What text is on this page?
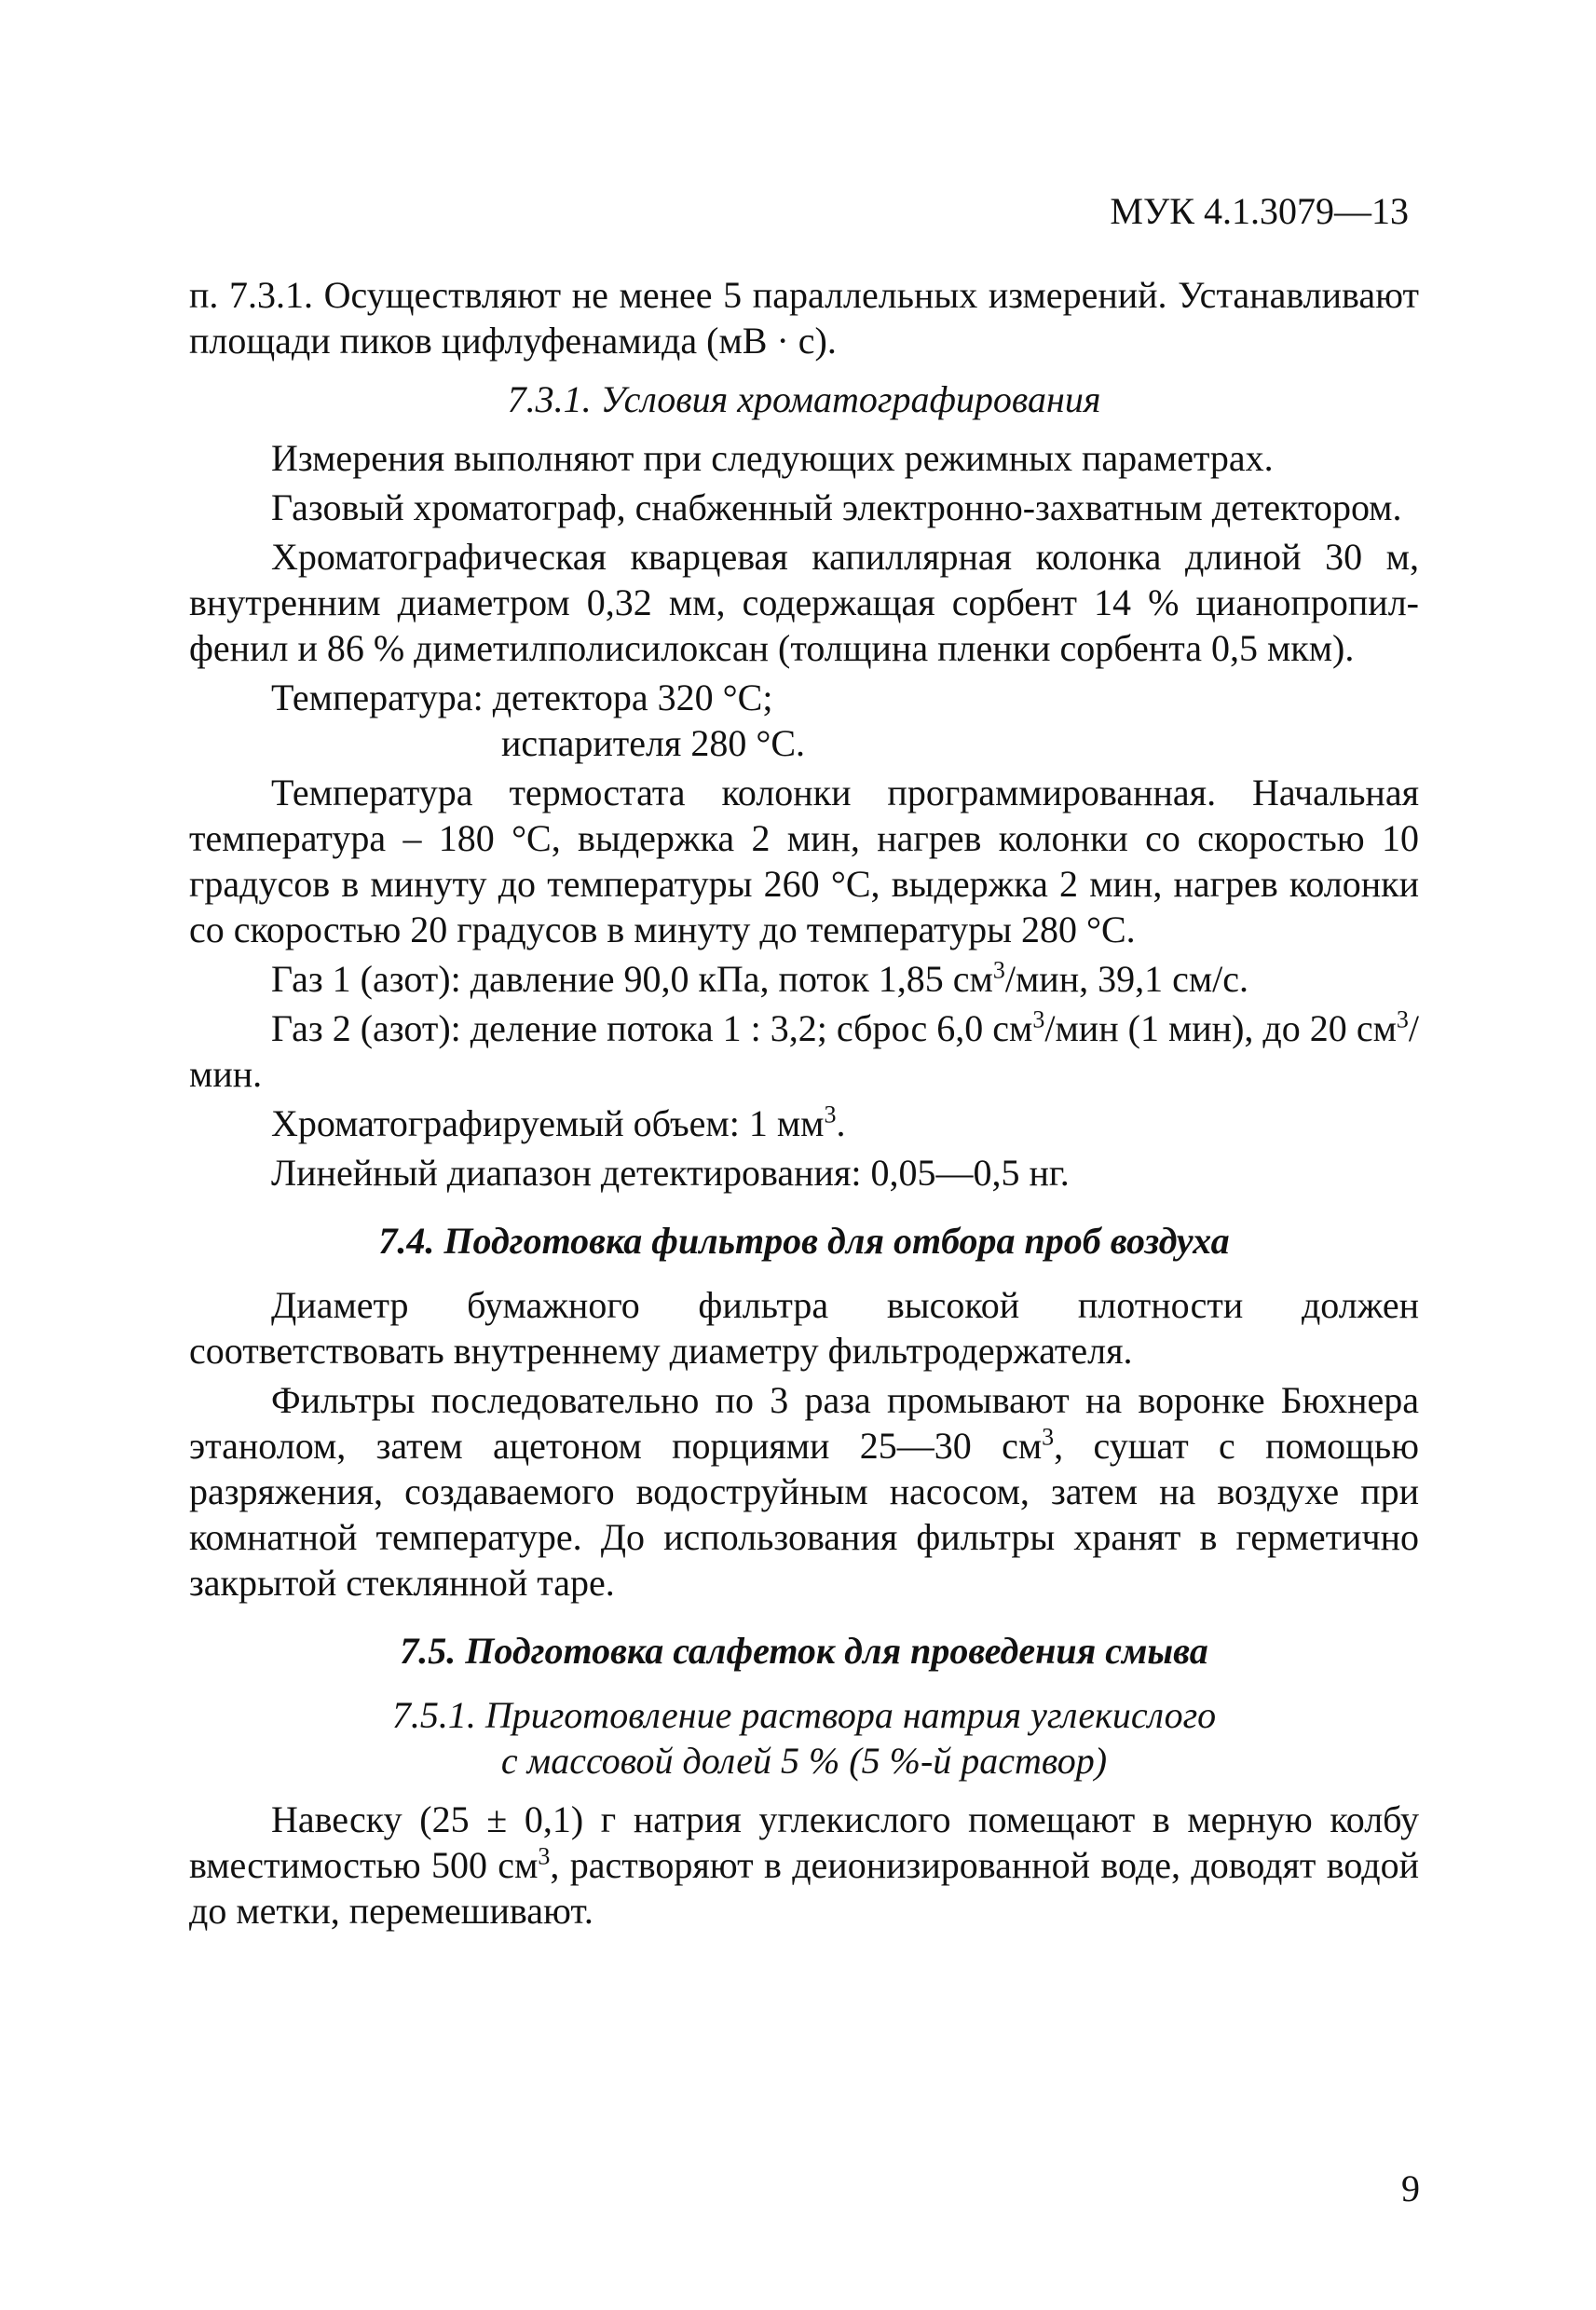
МУК 4.1.3079—13

п. 7.3.1. Осуществляют не менее 5 параллельных измерений. Устанавливают площади пиков цифлуфенамида (мВ · с).

7.3.1. Условия хроматографирования

Измерения выполняют при следующих режимных параметрах.

Газовый хроматограф, снабженный электронно-захватным детектором.

Хроматографическая кварцевая капиллярная колонка длиной 30 м, внутренним диаметром 0,32 мм, содержащая сорбент 14 % цианопропил-фенил и 86 % диметилполисилоксан (толщина пленки сорбента 0,5 мкм).

Температура:
детектора 320 °С;
испарителя 280 °С.

Температура термостата колонки программированная. Начальная температура – 180 °С, выдержка 2 мин, нагрев колонки со скоростью 10 градусов в минуту до температуры 260 °С, выдержка 2 мин, нагрев колонки со скоростью 20 градусов в минуту до температуры 280 °С.

Газ 1 (азот): давление 90,0 кПа, поток 1,85 $см^3$/мин, 39,1 см/с.

Газ 2 (азот): деление потока 1 : 3,2; сброс 6,0 $см^3$/мин (1 мин), до 20 $см^3$/мин.

Хроматографируемый объем: 1 $мм^3$.

Линейный диапазон детектирования: 0,05—0,5 нг.

7.4. Подготовка фильтров для отбора проб воздуха

Диаметр бумажного фильтра высокой плотности должен соответствовать внутреннему диаметру фильтродержателя.

Фильтры последовательно по 3 раза промывают на воронке Бюхнера этанолом, затем ацетоном порциями 25—30 $см^3$, сушат с помощью разряжения, создаваемого водоструйным насосом, затем на воздухе при комнатной температуре. До использования фильтры хранят в герметично закрытой стеклянной таре.

7.5. Подготовка салфеток для проведения смыва

7.5.1. Приготовление раствора натрия углекислого

с массовой долей 5 % (5 %-й раствор)

Навеску (25 ± 0,1) г натрия углекислого помещают в мерную колбу вместимостью 500 $см^3$, растворяют в деионизированной воде, доводят водой до метки, перемешивают.

9
